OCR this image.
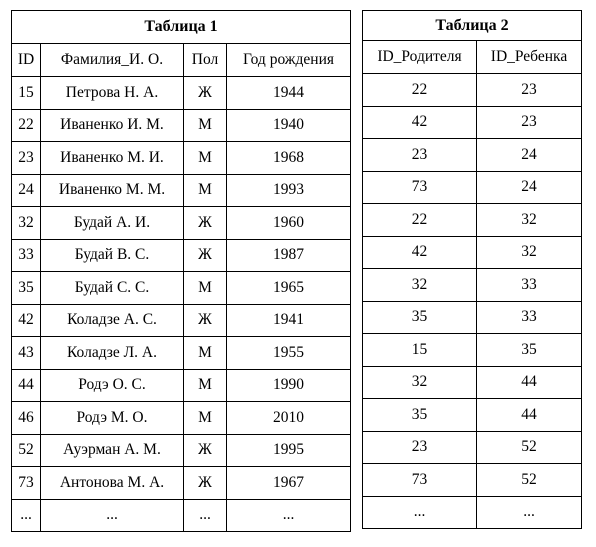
Таблица 1			
ID	Фамилия_И. О.	Пол	Год рождения
15	Петрова Н. А.	Ж	1944
22	Иваненко И. М.	М	1940
23	Иваненко М. И.	М	1968
24	Иваненко М. М.	М	1993
32	Будай А. И.	Ж	1960
33	Будай В. С.	Ж	1987
35	Будай С. С.	М	1965
42	Коладзе А. С.	Ж	1941
43	Коладзе Л. А.	М	1955
44	Родэ О. С.	М	1990
46	Родэ М. О.	М	2010
52	Ауэрман А. М.	Ж	1995
73	Антонова М. А.	Ж	1967
...	...	...	...
Таблица 2	
ID_Родителя	ID_Ребенка
22	23
42	23
23	24
73	24
22	32
42	32
32	33
35	33
15	35
32	44
35	44
23	52
73	52
...	...
